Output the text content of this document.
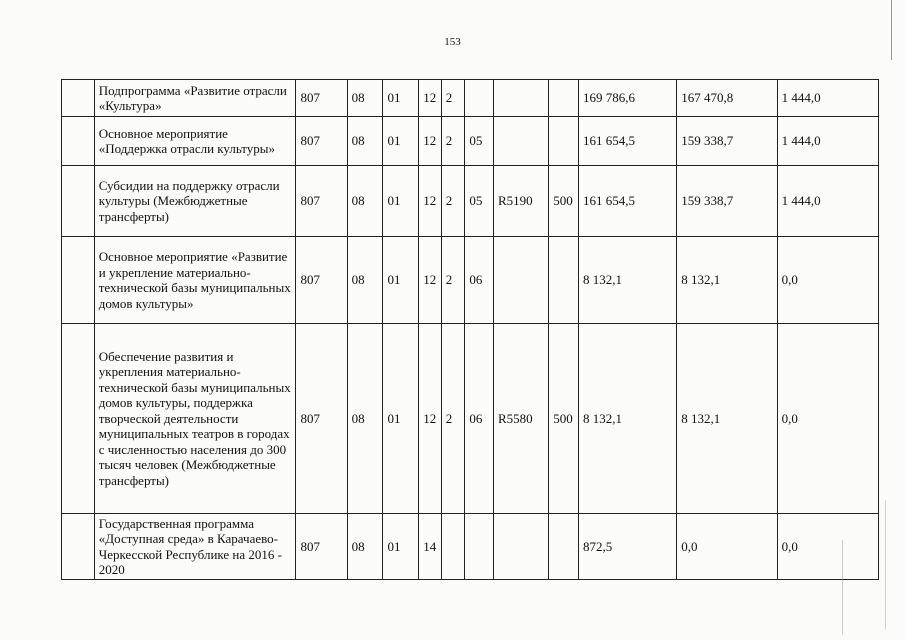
153
	Подпрограмма «Развитие отрасли «Культура»	807	08	01	12	2				169 786,6	167 470,8	1 444,0
	Основное мероприятие «Поддержка отрасли культуры»	807	08	01	12	2	05			161 654,5	159 338,7	1 444,0
	Субсидии на поддержку отрасли культуры (Межбюджетные трансферты)	807	08	01	12	2	05	R5190	500	161 654,5	159 338,7	1 444,0
	Основное мероприятие «Развитие и укрепление материально-технической базы муниципальных домов культуры»	807	08	01	12	2	06			8 132,1	8 132,1	0,0
	Обеспечение развития и укрепления материально-технической базы муниципальных домов культуры, поддержка творческой деятельности муниципальных театров в городах с численностью населения до 300 тысяч человек (Межбюджетные трансферты)	807	08	01	12	2	06	R5580	500	8 132,1	8 132,1	0,0
	Государственная программа «Доступная среда» в Карачаево-Черкесской Республике на 2016 - 2020	807	08	01	14					872,5	0,0	0,0
